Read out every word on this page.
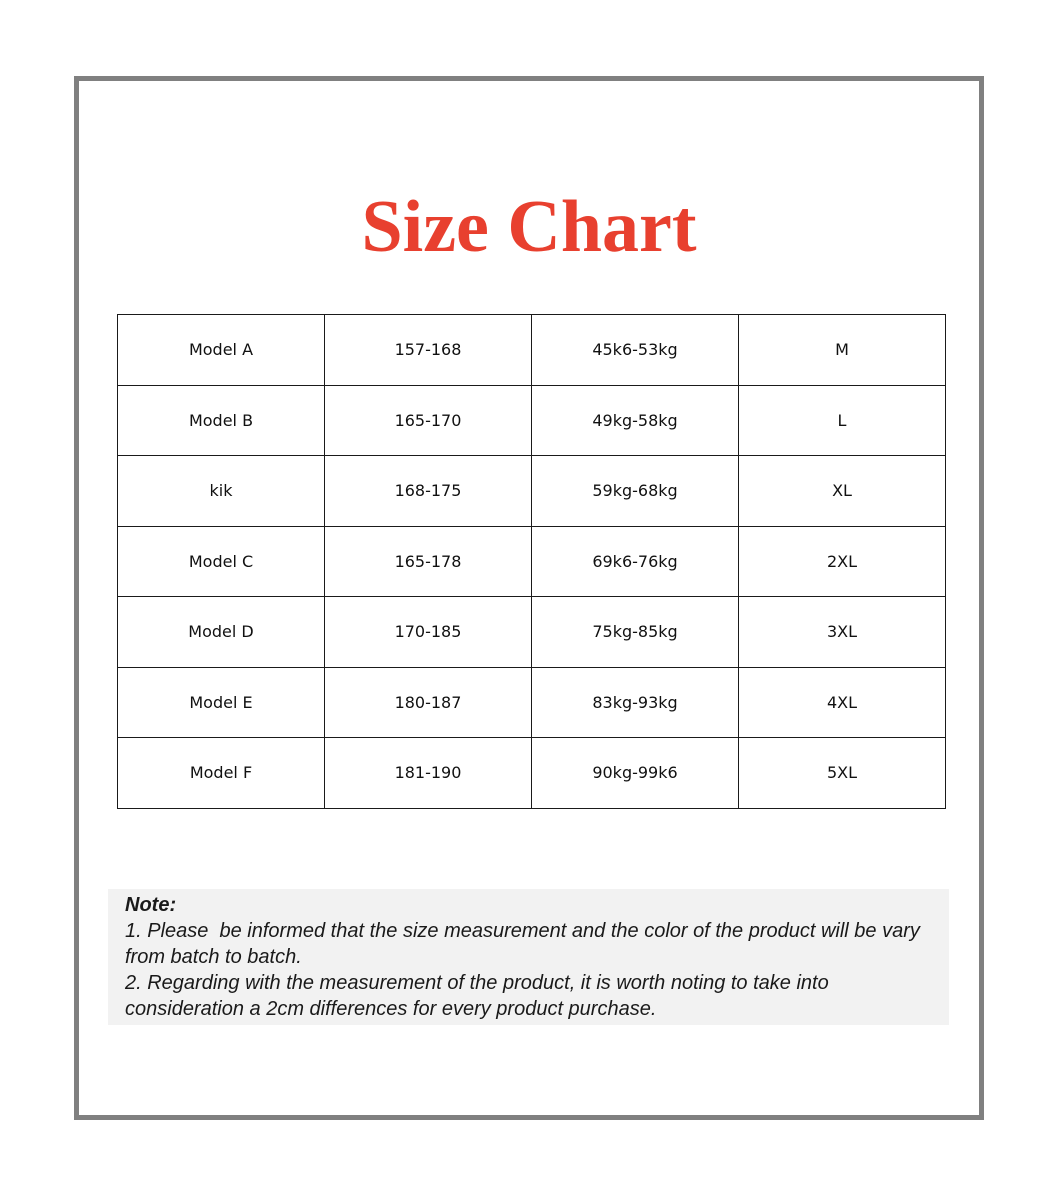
Size Chart
Model A	157-168	45k6-53kg	M
Model B	165-170	49kg-58kg	L
kik	168-175	59kg-68kg	XL
Model C	165-178	69k6-76kg	2XL
Model D	170-185	75kg-85kg	3XL
Model E	180-187	83kg-93kg	4XL
Model F	181-190	90kg-99k6	5XL
Note:
1. Please  be informed that the size measurement and the color of the product will be vary from batch to batch.
2. Regarding with the measurement of the product, it is worth noting to take into consideration a 2cm differences for every product purchase.
